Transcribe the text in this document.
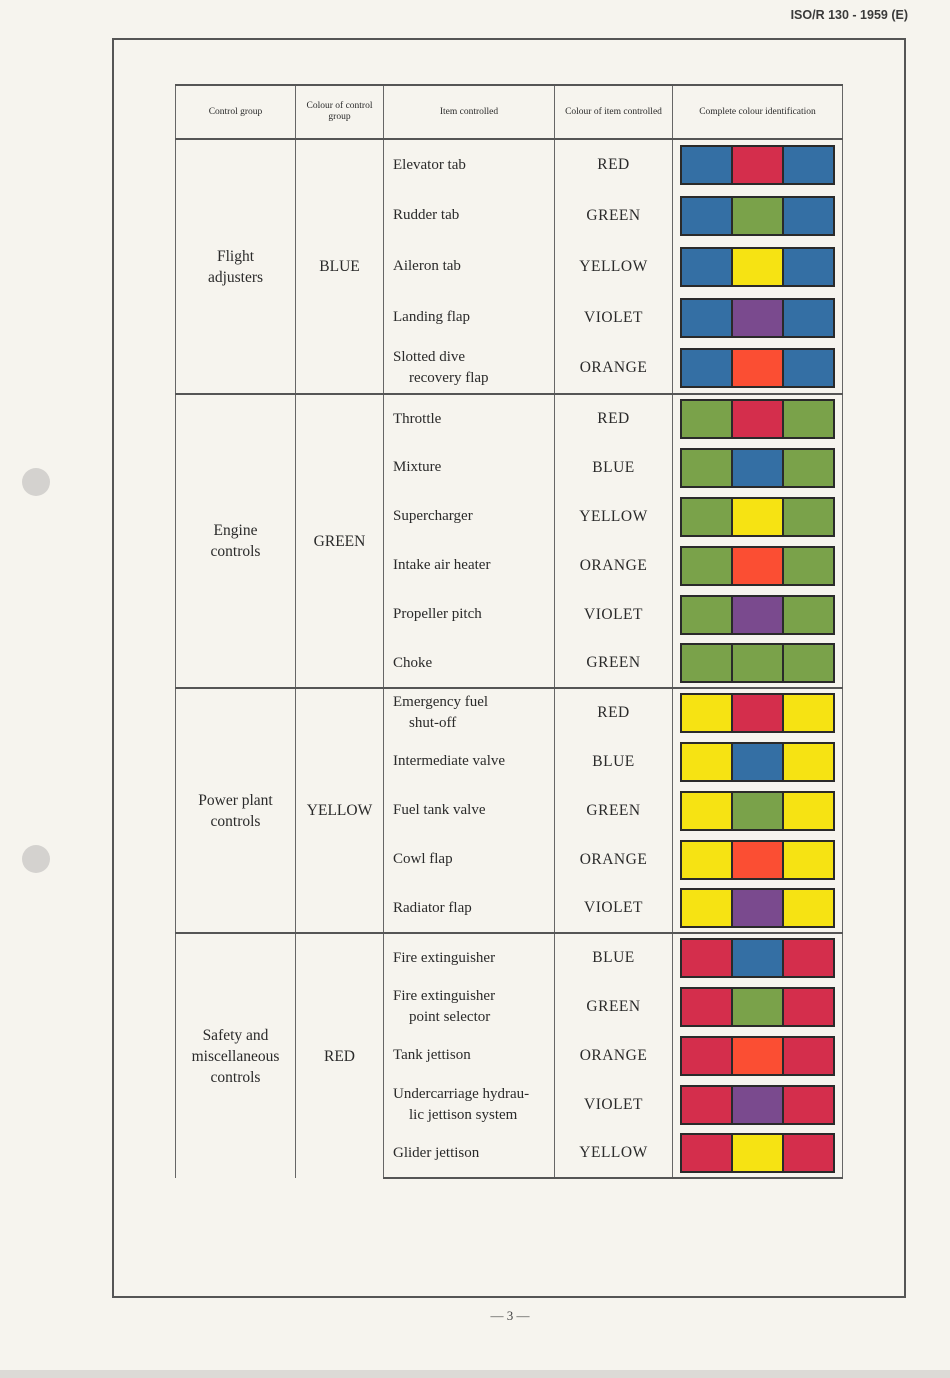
ISO/R 130 - 1959 (E)
Control group	Colour of control group	Item controlled	Colour of item controlled	Complete colour identification
Flight adjusters	BLUE	Elevator tab	RED	

		Rudder tab	GREEN	

		Aileron tab	YELLOW	

		Landing flap	VIOLET	

		Slotted dive
recovery flap	ORANGE	

Engine controls	GREEN	Throttle	RED	

		Mixture	BLUE	

		Supercharger	YELLOW	

		Intake air heater	ORANGE	

		Propeller pitch	VIOLET	

		Choke	GREEN	

Power plant controls	YELLOW	Emergency fuel
shut-off	RED	

		Intermediate valve	BLUE	

		Fuel tank valve	GREEN	

		Cowl flap	ORANGE	

		Radiator flap	VIOLET	

Safety and miscellaneous controls	RED	Fire extinguisher	BLUE	

		Fire extinguisher
point selector	GREEN	

		Tank jettison	ORANGE	

		Undercarriage hydrau-
lic jettison system	VIOLET	

		Glider jettison	YELLOW	
— 3 —
